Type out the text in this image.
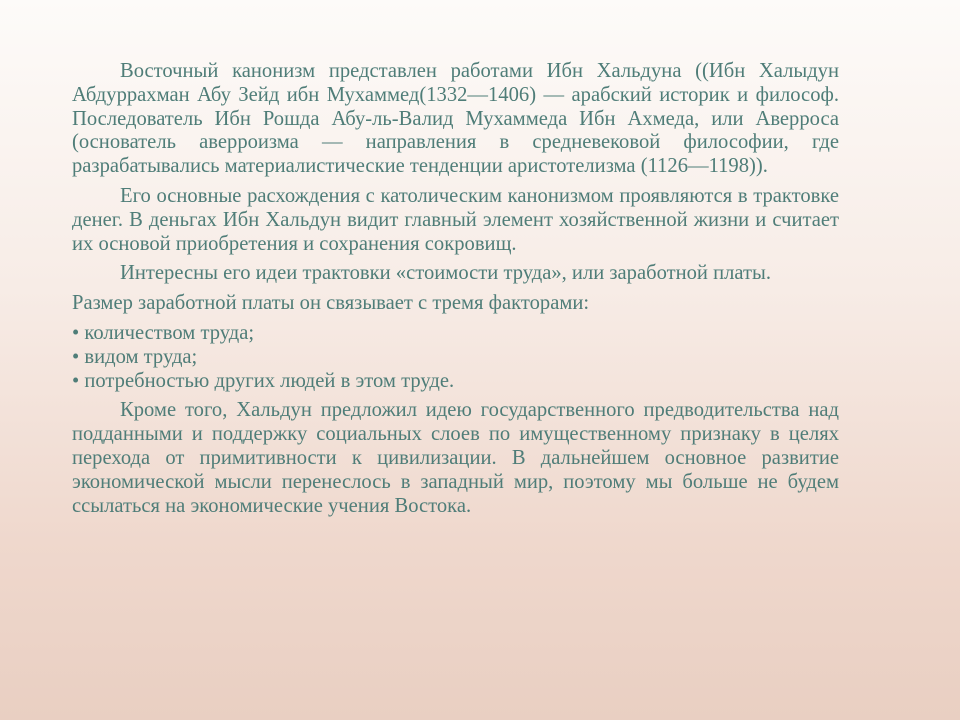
Восточный канонизм представлен работами Ибн Хальдуна ((Ибн Халыдун Абдуррахман Абу Зейд ибн Мухаммед(1332—1406) — арабский историк и философ. Последователь Ибн Рошда Абу-ль-Валид Мухаммеда Ибн Ахмеда, или Аверроса (основатель аверроизма — направления в средневековой философии, где разрабатывались материалистические тенденции аристотелизма (1126—1198)).

Его основные расхождения с католическим канонизмом проявляются в трактовке денег. В деньгах Ибн Хальдун видит главный элемент хозяйственной жизни и считает их основой приобретения и сохранения сокровищ.

Интересны его идеи трактовки «стоимости труда», или заработной платы.

Размер заработной платы он связывает с тремя факторами:

• количеством труда;
• видом труда;
• потребностью других людей в этом труде.

Кроме того, Хальдун предложил идею государственного предводительства над подданными и поддержку социальных слоев по имущественному признаку в целях перехода от примитивности к цивилизации. В дальнейшем основное развитие экономической мысли перенеслось в западный мир, поэтому мы больше не будем ссылаться на экономические учения Востока.
